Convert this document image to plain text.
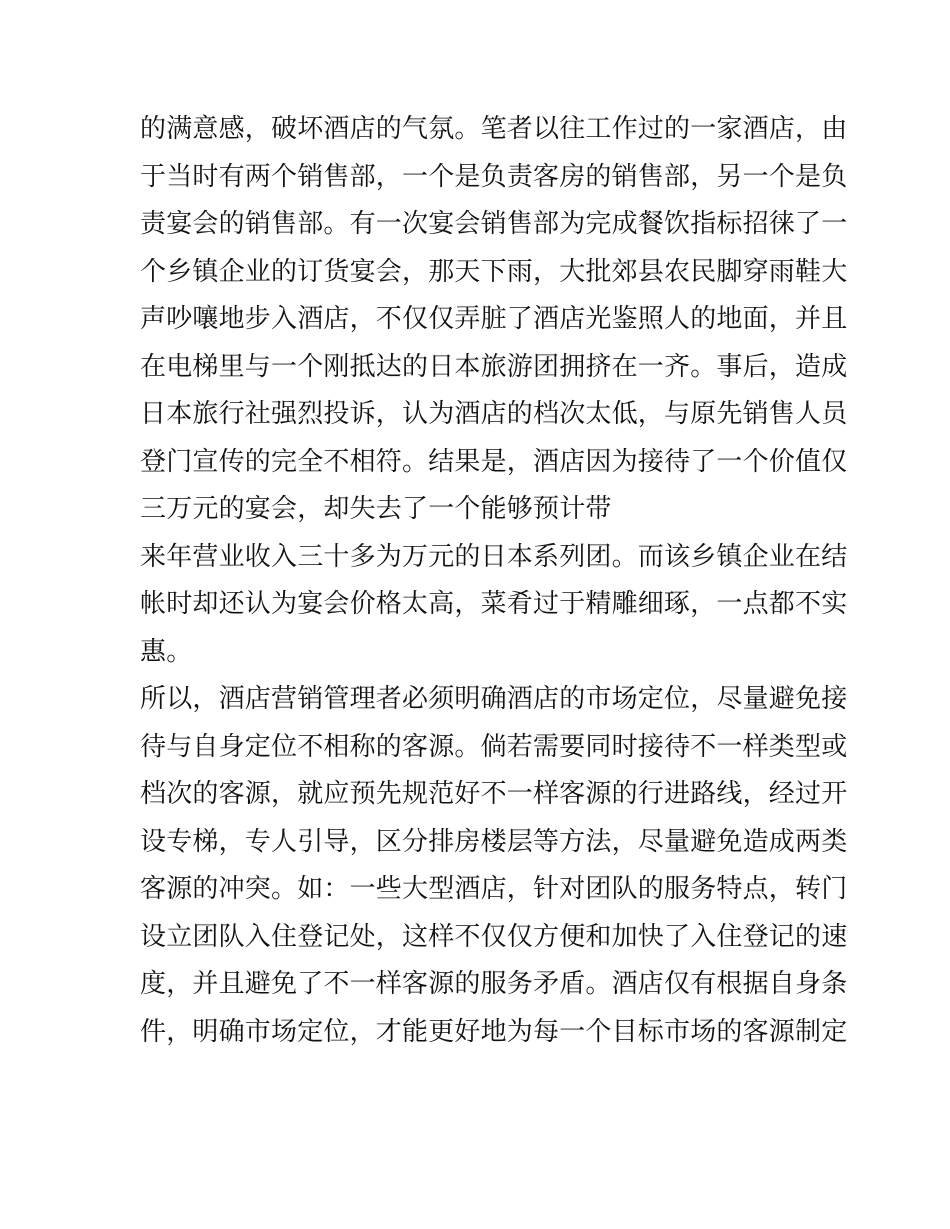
的满意感，破坏酒店的气氛。笔者以往工作过的一家酒店，由
于当时有两个销售部，一个是负责客房的销售部，另一个是负
责宴会的销售部。有一次宴会销售部为完成餐饮指标招徕了一
个乡镇企业的订货宴会，那天下雨，大批郊县农民脚穿雨鞋大
声吵嚷地步入酒店，不仅仅弄脏了酒店光鉴照人的地面，并且
在电梯里与一个刚抵达的日本旅游团拥挤在一齐。事后，造成
日本旅行社强烈投诉，认为酒店的档次太低，与原先销售人员
登门宣传的完全不相符。结果是，酒店因为接待了一个价值仅
三万元的宴会，却失去了一个能够预计带
来年营业收入三十多为万元的日本系列团。而该乡镇企业在结
帐时却还认为宴会价格太高，菜肴过于精雕细琢，一点都不实
惠。
所以，酒店营销管理者必须明确酒店的市场定位，尽量避免接
待与自身定位不相称的客源。倘若需要同时接待不一样类型或
档次的客源，就应预先规范好不一样客源的行进路线，经过开
设专梯，专人引导，区分排房楼层等方法，尽量避免造成两类
客源的冲突。如：一些大型酒店，针对团队的服务特点，转门
设立团队入住登记处，这样不仅仅方便和加快了入住登记的速
度，并且避免了不一样客源的服务矛盾。酒店仅有根据自身条
件，明确市场定位，才能更好地为每一个目标市场的客源制定
